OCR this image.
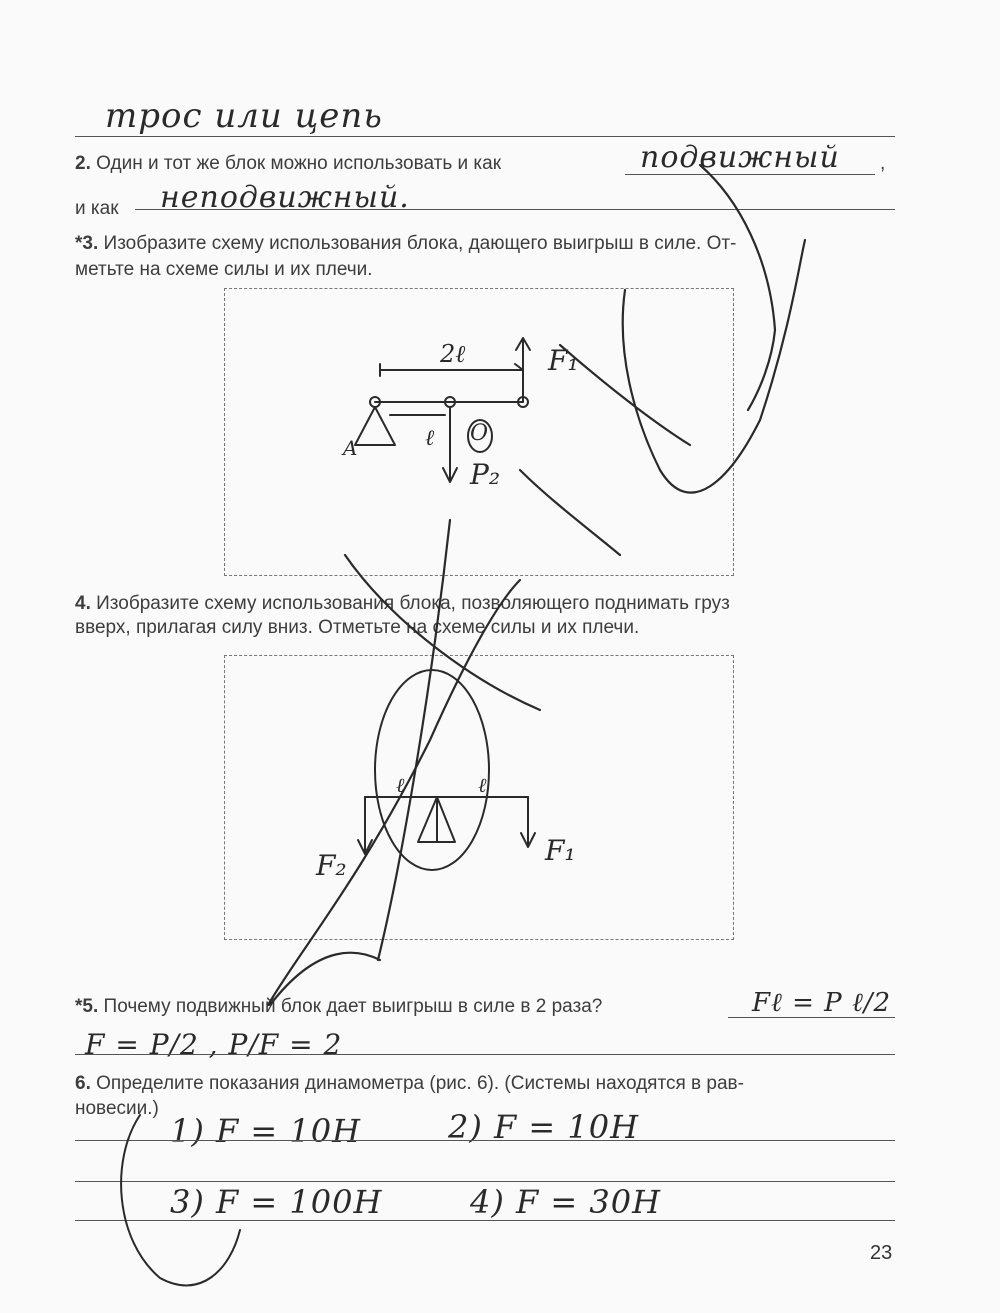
трос или цепь
2. Один и тот же блок можно использовать и как	подвижный ,
и как неподвижный.
*3. Изобразите схему использования блока, дающего выигрыш в силе. От-
метьте на схеме силы и их плечи.
4. Изобразите схему использования блока, позволяющего поднимать груз
вверх, прилагая силу вниз. Отметьте на схеме силы и их плечи.
*5. Почему подвижный блок дает выигрыш в силе в 2 раза?	Fℓ = P ℓ/2
F = P/2 , P/F = 2
6. Определите показания динамометра (рис. 6). (Системы находятся в рав-
новесии.)
1) F = 10H	2) F = 10H
3) F = 100H	4) F = 30H
23
2ℓ	F₁
ℓ
P₂
A
O
ℓ	ℓ
F₁
F₂
